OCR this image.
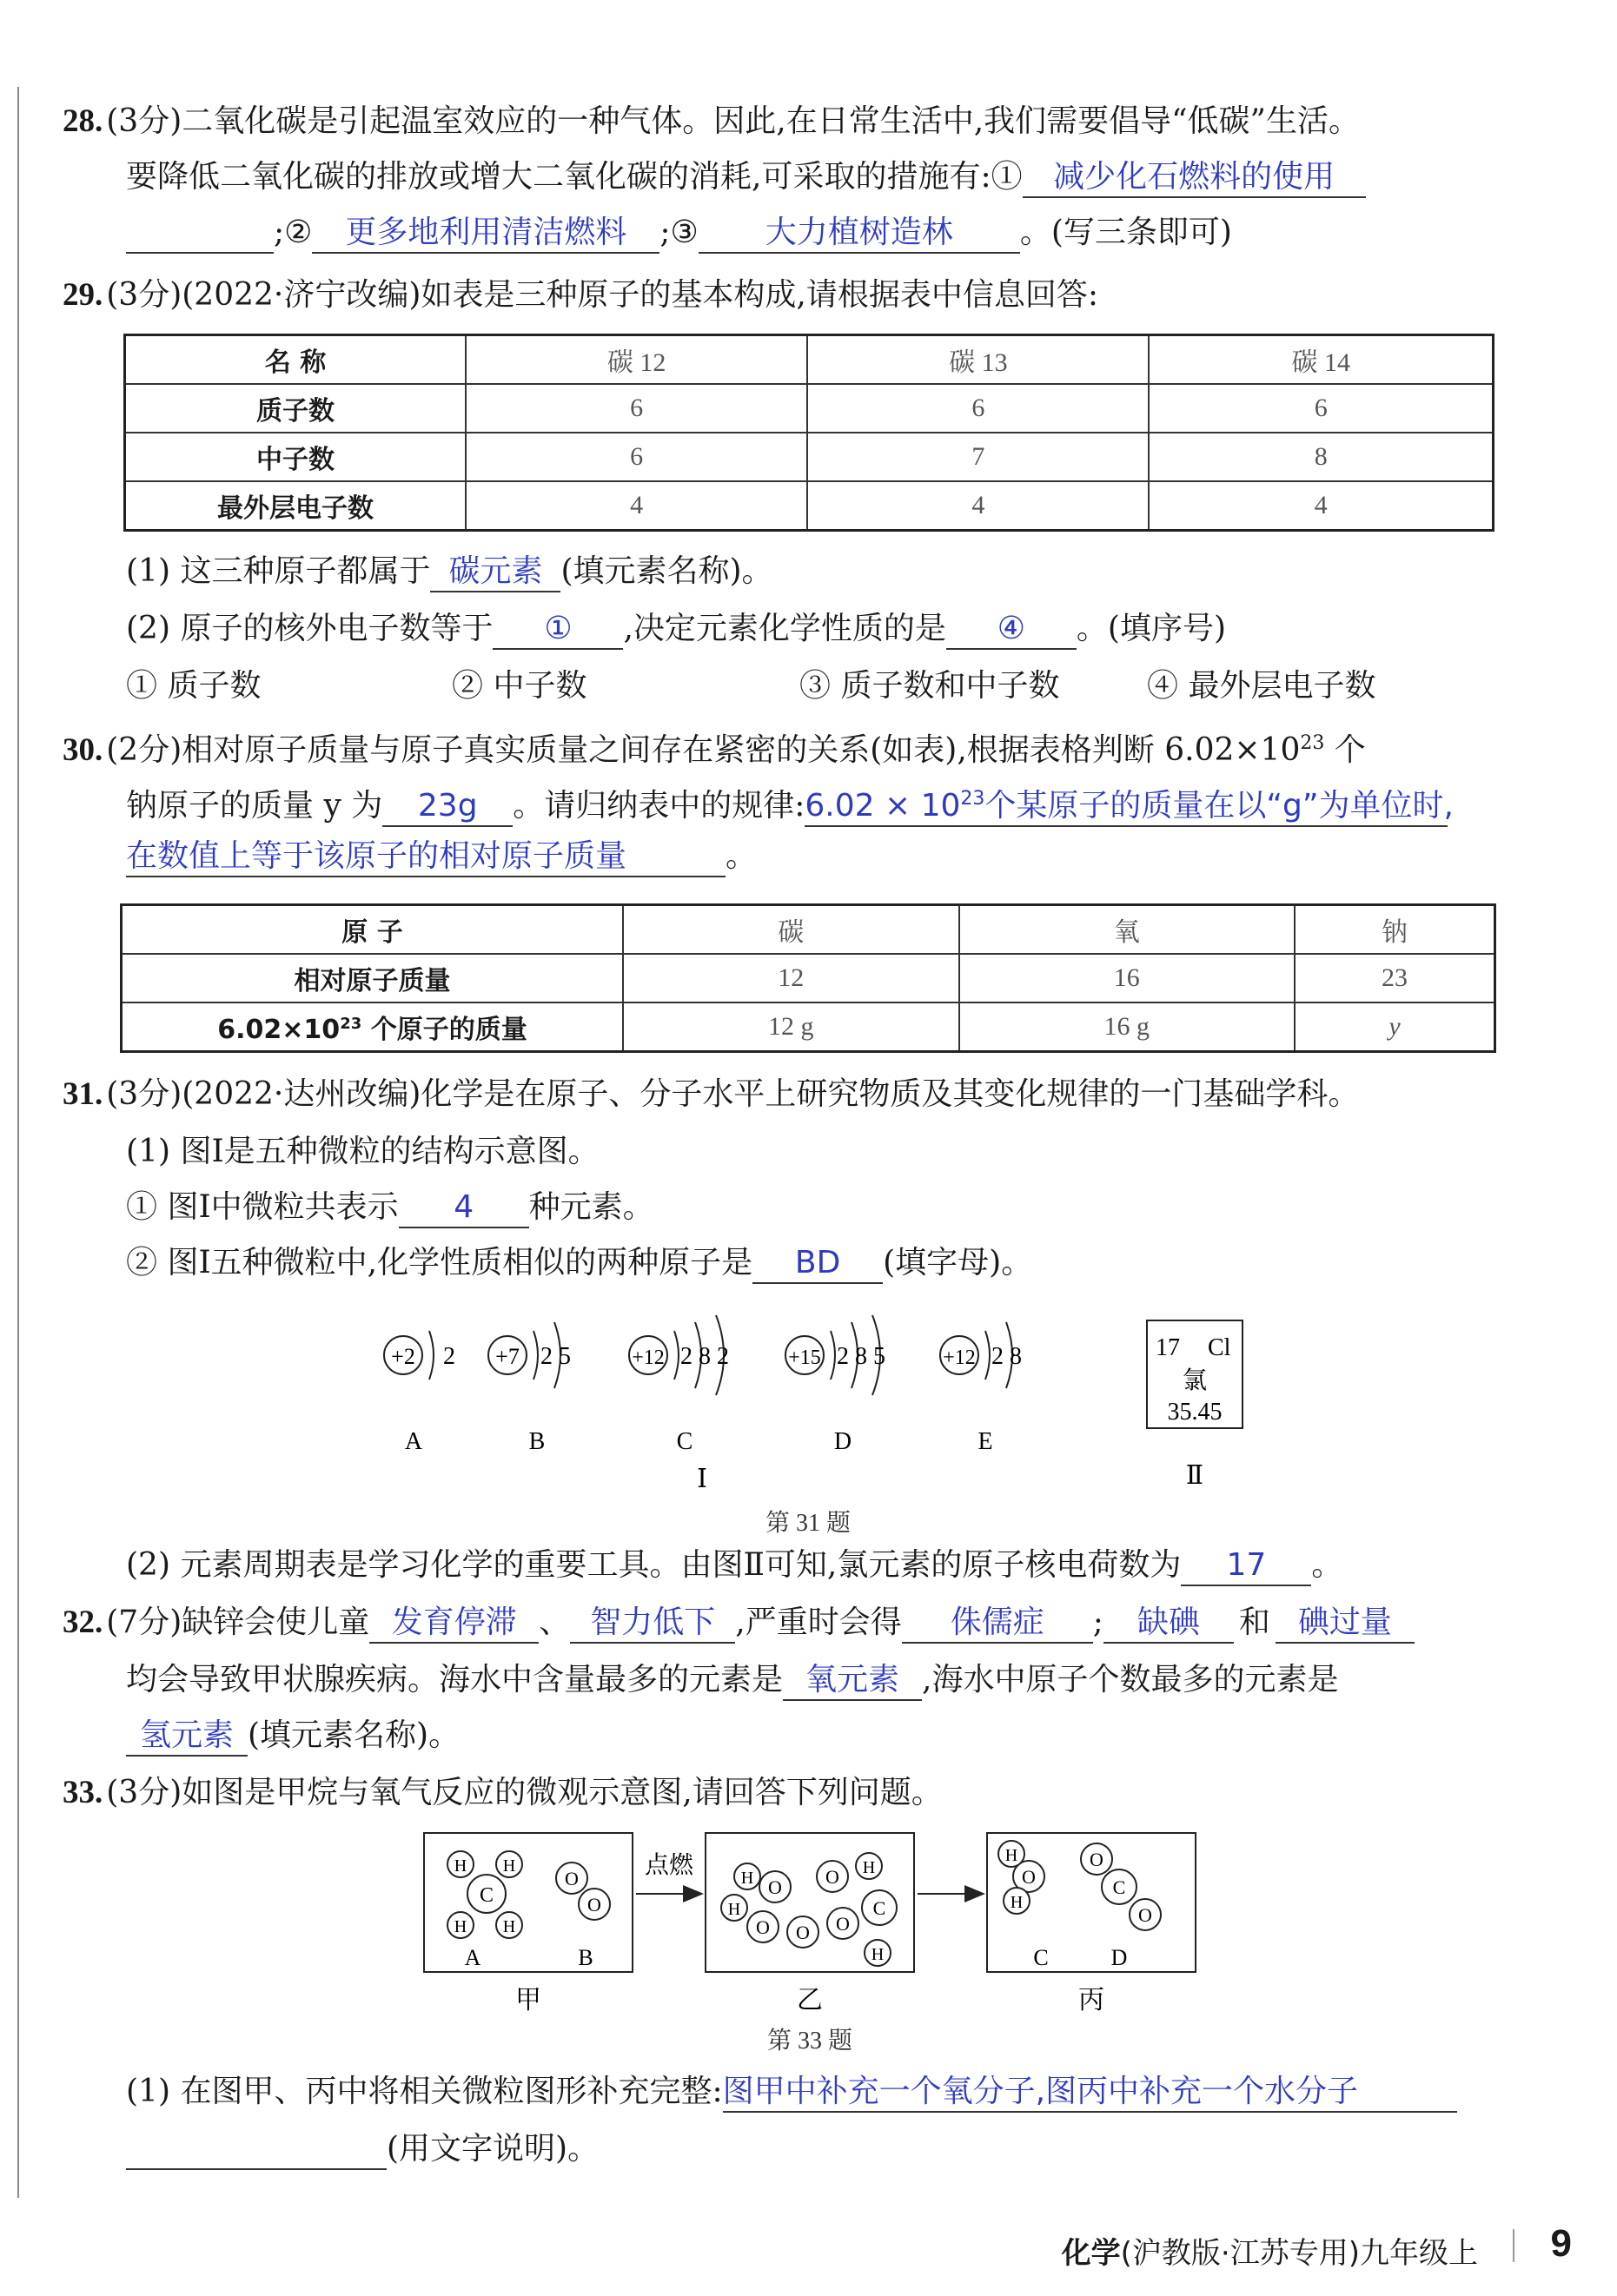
28. (3分)二氧化碳是引起温室效应的一种气体。因此,在日常生活中,我们需要倡导“低碳”生活。
要降低二氧化碳的排放或增大二氧化碳的消耗,可采取的措施有:① 减少化石燃料的使用
;② 更多地利用清洁燃料 ;③ 大力植树造林 。(写三条即可)
29. (3分)(2022·济宁改编)如表是三种原子的基本构成,请根据表中信息回答:
名 称	碳 12	碳 13	碳 14
质子数	6	6	6
中子数	6	7	8
最外层电子数	4	4	4
(1) 这三种原子都属于 碳元素 (填元素名称)。
(2) 原子的核外电子数等于 ① ,决定元素化学性质的是 ④ 。(填序号)
① 质子数	② 中子数	③ 质子数和中子数	④ 最外层电子数
30. (2分)相对原子质量与原子真实质量之间存在紧密的关系(如表),根据表格判断 $6.02\times 10^{23}$ 个
钠原子的质量 y 为 23g 。请归纳表中的规律:6.02 × $10^{23}$个某原子的质量在以“g”为单位时,
在数值上等于该原子的相对原子质量	。
原 子	碳	氧	钠
相对原子质量	12	16	23
$6.02\times 10^{23}$ 个原子的质量	12 g	16 g	y
31. (3分)(2022·达州改编)化学是在原子、分子水平上研究物质及其变化规律的一门基础学科。
(1) 图Ⅰ是五种微粒的结构示意图。
① 图Ⅰ中微粒共表示 4 种元素。
② 图Ⅰ五种微粒中,化学性质相似的两种原子是 BD (填字母)。
+2 2
A
+7 2 5
B
+12 2 8 2
C
+15 2 8 5
D
+12 2 8
E
Ⅰ
17 Cl
氯
35.45
Ⅱ
第 31 题
(2) 元素周期表是学习化学的重要工具。由图Ⅱ可知,氯元素的原子核电荷数为 17 。
32. (7分)缺锌会使儿童 发育停滞 、 智力低下 ,严重时会得 侏儒症 ; 缺碘 和 碘过量
均会导致甲状腺疾病。海水中含量最多的元素是 氧元素 ,海水中原子个数最多的元素是
氢元素 (填元素名称)。
33. (3分)如图是甲烷与氧气反应的微观示意图,请回答下列问题。
C
H H
H H
O
O
A	B
甲
点燃	H
H
O O H
C
O O O
H
乙
O
H
H
O
C
O
C	D
丙
第 33 题
(1) 在图甲、丙中将相关微粒图形补充完整:图甲中补充一个氧分子,图丙中补充一个水分子
(用文字说明)。
化学(沪教版·江苏专用)九年级上 9
